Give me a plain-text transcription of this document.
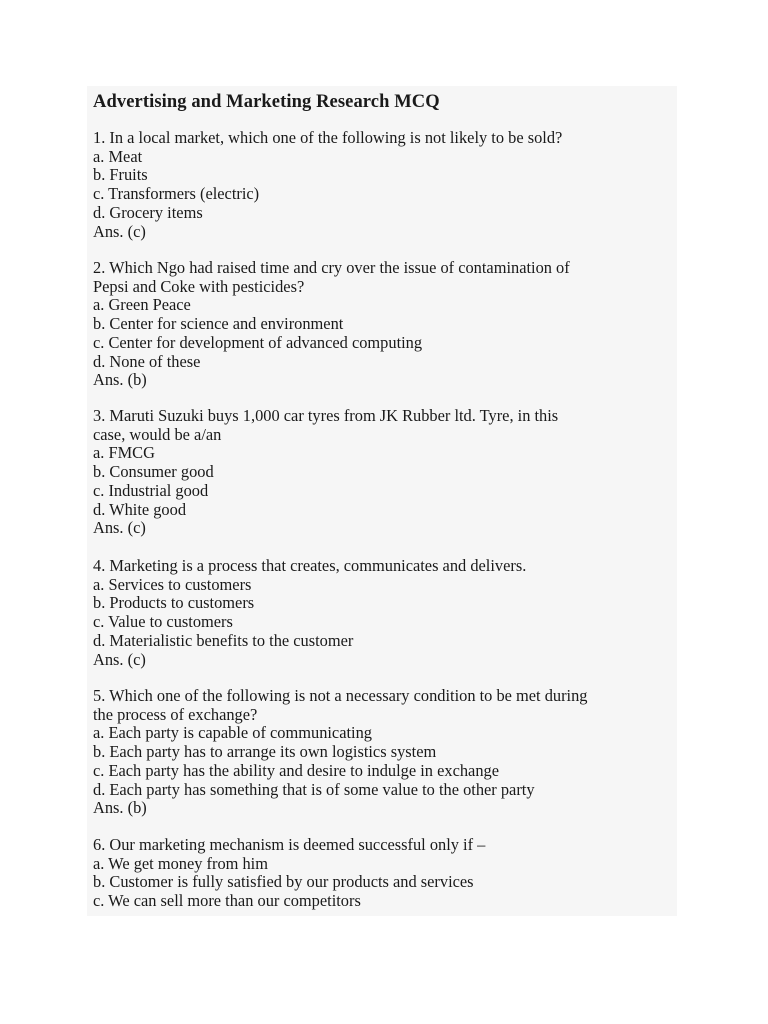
Advertising and Marketing Research MCQ
1. In a local market, which one of the following is not likely to be sold?
a. Meat
b. Fruits
c. Transformers (electric)
d. Grocery items
Ans. (c)
2. Which Ngo had raised time and cry over the issue of contamination of
Pepsi and Coke with pesticides?
a. Green Peace
b. Center for science and environment
c. Center for development of advanced computing
d. None of these
Ans. (b)
3. Maruti Suzuki buys 1,000 car tyres from JK Rubber ltd. Tyre, in this
case, would be a/an
a. FMCG
b. Consumer good
c. Industrial good
d. White good
Ans. (c)
4. Marketing is a process that creates, communicates and delivers.
a. Services to customers
b. Products to customers
c. Value to customers
d. Materialistic benefits to the customer
Ans. (c)
5. Which one of the following is not a necessary condition to be met during
the process of exchange?
a. Each party is capable of communicating
b. Each party has to arrange its own logistics system
c. Each party has the ability and desire to indulge in exchange
d. Each party has something that is of some value to the other party
Ans. (b)
6. Our marketing mechanism is deemed successful only if –
a. We get money from him
b. Customer is fully satisfied by our products and services
c. We can sell more than our competitors
